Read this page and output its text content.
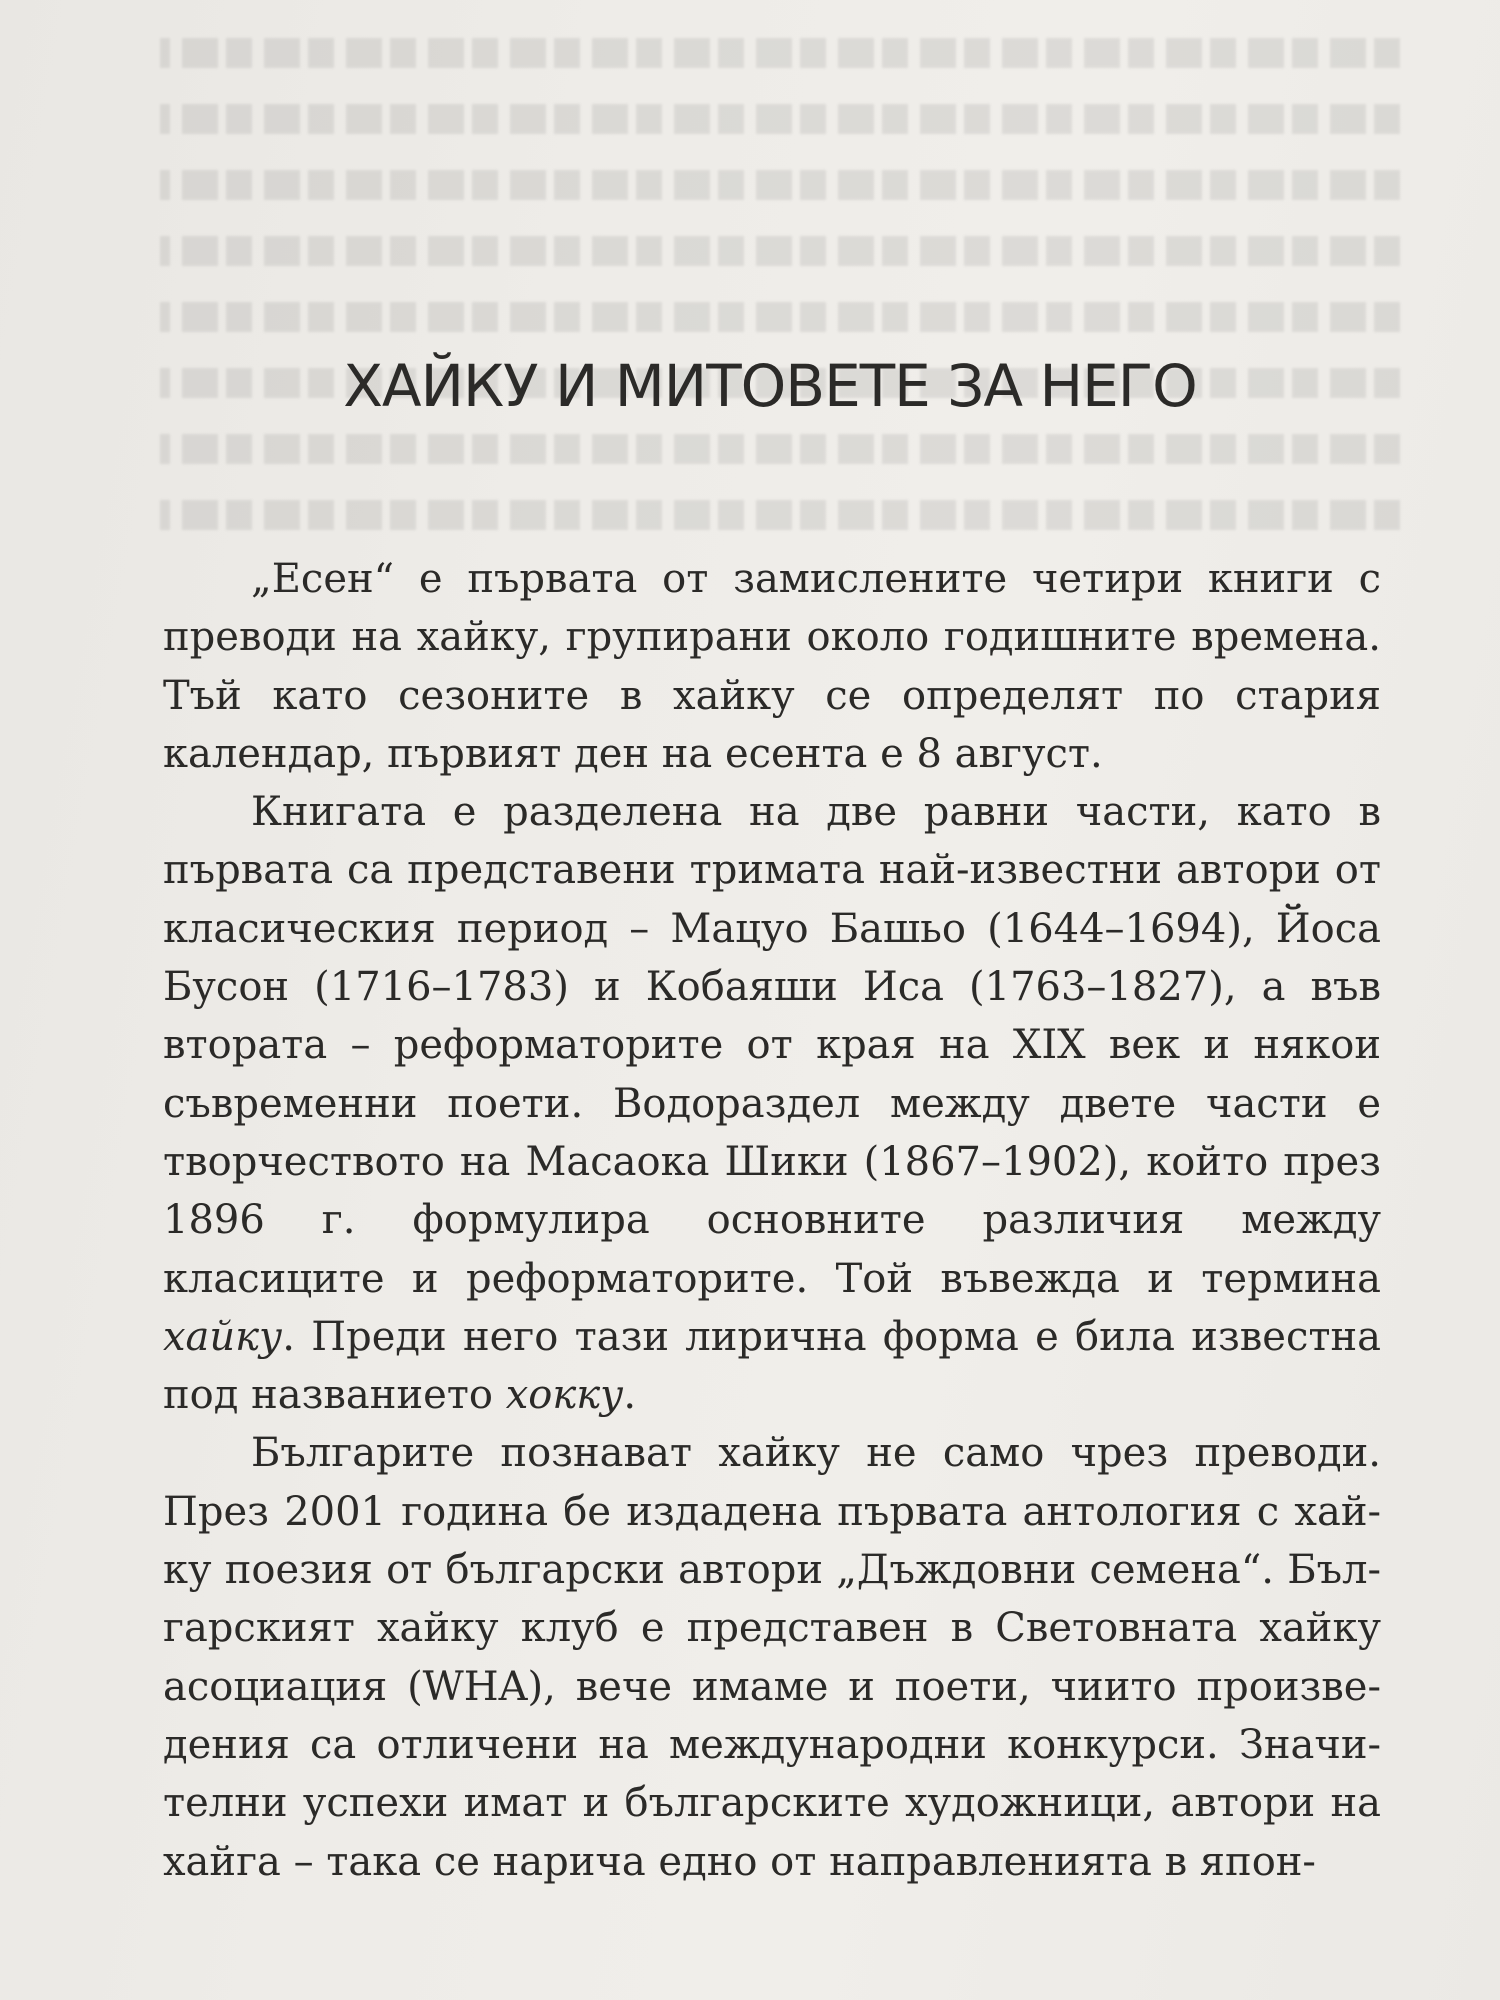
ХАЙКУ И МИТОВЕТЕ ЗА НЕГО

„Есен“ е първата от замислените четири книги с преводи на хайку, групирани около годишните времена. Тъй като сезоните в хайку се определят по стария календар, първият ден на есента е 8 август.

Книгата е разделена на две равни части, като в първата са представени тримата най-известни автори от класическия период – Мацуо Башьо (1644–1694), Йоса Бусон (1716–1783) и Кобаяши Иса (1763–1827), а във втората – реформаторите от края на XIX век и някои съвременни поети. Водораздел между двете части е творчеството на Масаока Шики (1867–1902), който през 1896 г. формулира основните различия между класиците и реформаторите. Той въвежда и термина хайку. Преди него тази лирична форма е била известна под названието хокку.

Българите познават хайку не само чрез преводи. През 2001 година бе издадена първата антология с хайку поезия от български автори „Дъждовни семена“. Българският хайку клуб е представен в Световната хайку асоциация (WHA), вече имаме и поети, чиито произведения са отличени на международни конкурси. Значителни успехи имат и българските художници, автори на хайга – така се нарича едно от направленията в япон-
